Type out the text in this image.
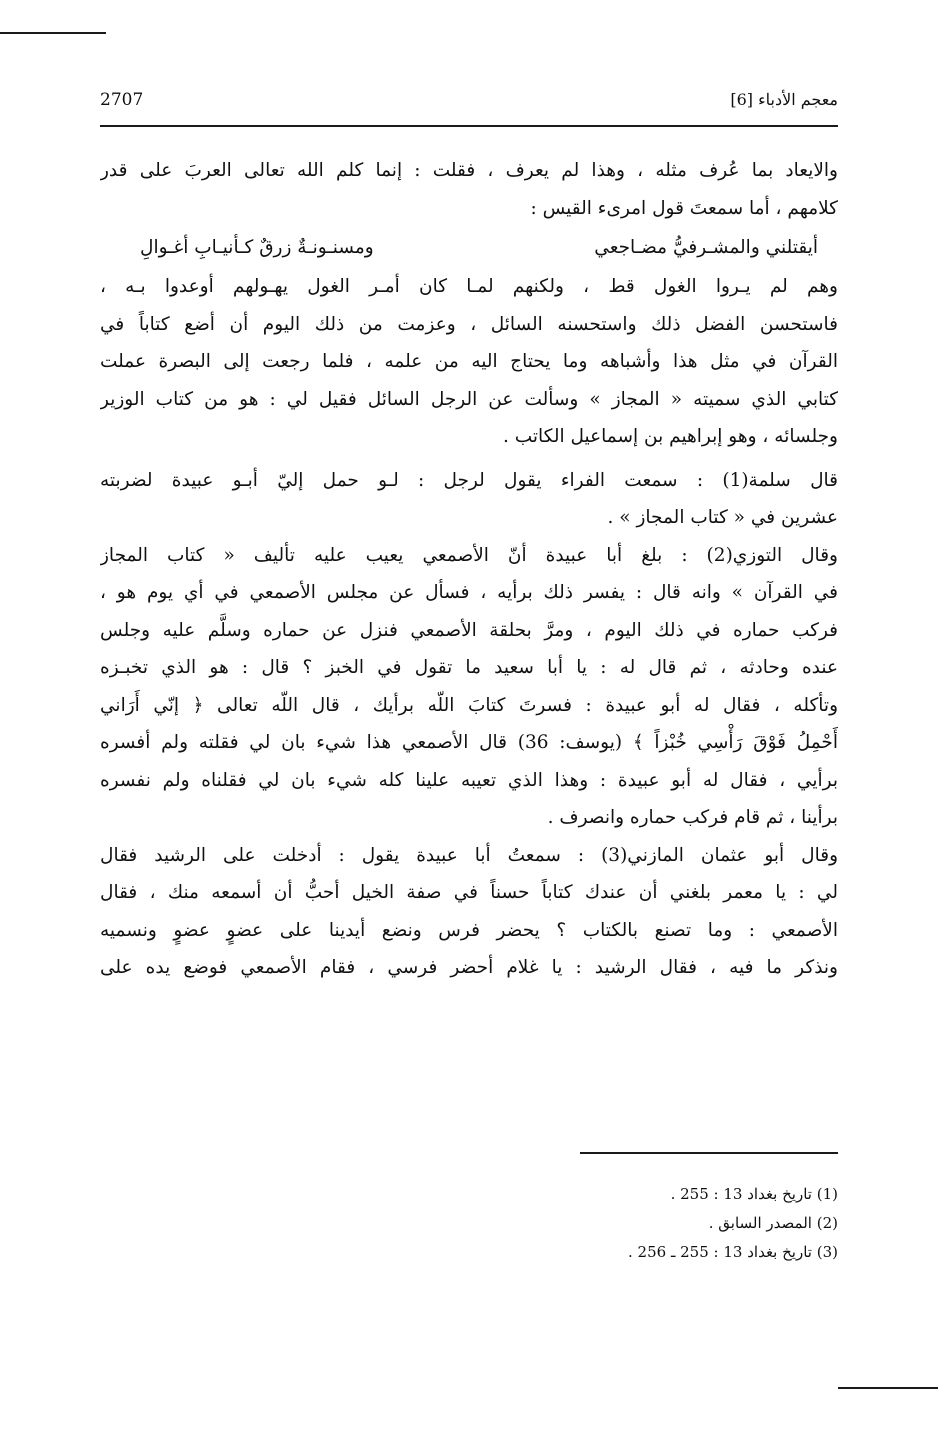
2707	معجم الأدباء [6]
والايعاد بما عُرف مثله ، وهذا لم يعرف ، فقلت : إنما كلم الله تعالى العربَ على قدر
كلامهم ، أما سمعتَ قول امرىء القيس :
أيقتلني والمشـرفيُّ مضـاجعي
ومسنـونـةٌ زرقٌ كـأنيـابِ أغـوالِ
وهم لم يـروا الغول قط ، ولكنهم لمـا كان أمـر الغول يهـولهم أوعدوا بـه ،
فاستحسن الفضل ذلك واستحسنه السائل ، وعزمت من ذلك اليوم أن أضع كتاباً في
القرآن في مثل هذا وأشباهه وما يحتاج اليه من علمه ، فلما رجعت إلى البصرة عملت
كتابي الذي سميته « المجاز » وسألت عن الرجل السائل فقيل لي : هو من كتاب الوزير
وجلسائه ، وهو إبراهيم بن إسماعيل الكاتب .
قال سلمة(1) : سمعت الفراء يقول لرجل : لـو حمل إليّ أبـو عبيدة لضربته
عشرين في « كتاب المجاز » .
وقال التوزي(2) : بلغ أبا عبيدة أنّ الأصمعي يعيب عليه تأليف « كتاب المجاز
في القرآن » وانه قال : يفسر ذلك برأيه ، فسأل عن مجلس الأصمعي في أي يوم هو ،
فركب حماره في ذلك اليوم ، ومرَّ بحلقة الأصمعي فنزل عن حماره وسلَّم عليه وجلس
عنده وحادثه ، ثم قال له : يا أبا سعيد ما تقول في الخبز ؟ قال : هو الذي تخبـزه
وتأكله ، فقال له أبو عبيدة : فسرتَ كتابَ اللّه برأيك ، قال اللّه تعالى ﴿ إنّي أَرَاني
أَحْمِلُ فَوْقَ رَأْسِي خُبْزاً ﴾ (يوسف: 36) قال الأصمعي هذا شيء بان لي فقلته ولم أفسره
برأيي ، فقال له أبو عبيدة : وهذا الذي تعيبه علينا كله شيء بان لي فقلناه ولم نفسره
برأينا ، ثم قام فركب حماره وانصرف .
وقال أبو عثمان المازني(3) : سمعتُ أبا عبيدة يقول : أدخلت على الرشيد فقال
لي : يا معمر بلغني أن عندك كتاباً حسناً في صفة الخيل أحبُّ أن أسمعه منك ، فقال
الأصمعي : وما تصنع بالكتاب ؟ يحضر فرس ونضع أيدينا على عضوٍ عضوٍ ونسميه
ونذكر ما فيه ، فقال الرشيد : يا غلام أحضر فرسي ، فقام الأصمعي فوضع يده على
(1) تاريخ بغداد 13 : 255 .
(2) المصدر السابق .
(3) تاريخ بغداد 13 : 255 ـ 256 .
